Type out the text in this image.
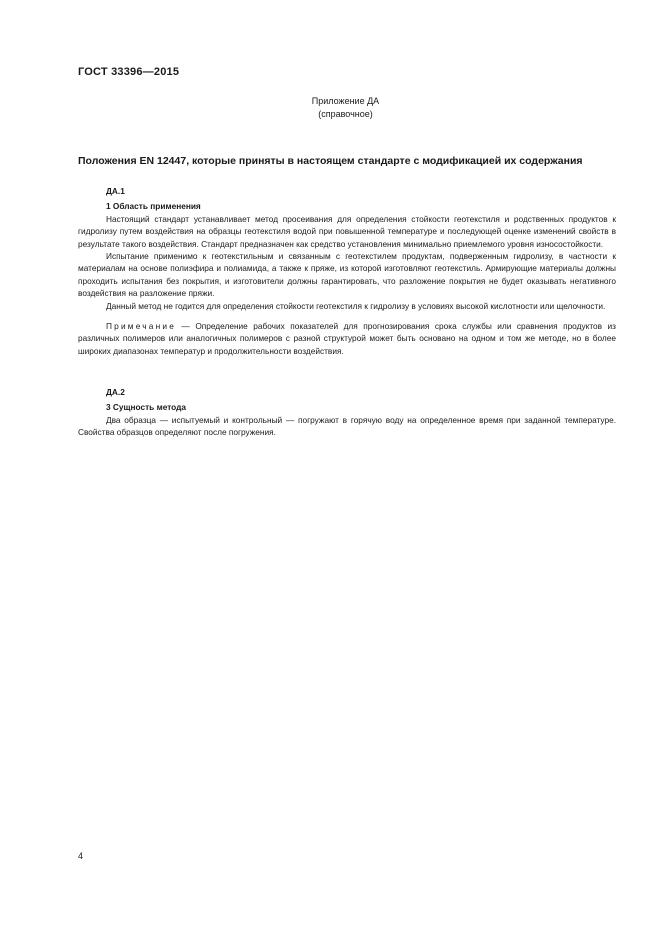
ГОСТ 33396—2015
Приложение ДА
(справочное)
Положения EN 12447, которые приняты в настоящем стандарте с модификацией их содержания
ДА.1
1 Область применения

Настоящий стандарт устанавливает метод просеивания для определения стойкости геотекстиля и родственных продуктов к гидролизу путем воздействия на образцы геотекстиля водой при повышенной температуре и последующей оценке изменений свойств в результате такого воздействия. Стандарт предназначен как средство установления минимально приемлемого уровня износостойкости.

Испытание применимо к геотекстильным и связанным с геотекстилем продуктам, подверженным гидролизу, в частности к материалам на основе полиэфира и полиамида, а также к пряже, из которой изготовляют геотекстиль. Армирующие материалы должны проходить испытания без покрытия, и изготовители должны гарантировать, что разложение покрытия не будет оказывать негативного воздействия на разложение пряжи.

Данный метод не годится для определения стойкости геотекстиля к гидролизу в условиях высокой кислотности или щелочности.

Примечание — Определение рабочих показателей для прогнозирования срока службы или сравнения продуктов из различных полимеров или аналогичных полимеров с разной структурой может быть основано на одном и том же методе, но в более широких диапазонах температур и продолжительности воздействия.
ДА.2
3 Сущность метода

Два образца — испытуемый и контрольный — погружают в горячую воду на определенное время при заданной температуре. Свойства образцов определяют после погружения.

4
